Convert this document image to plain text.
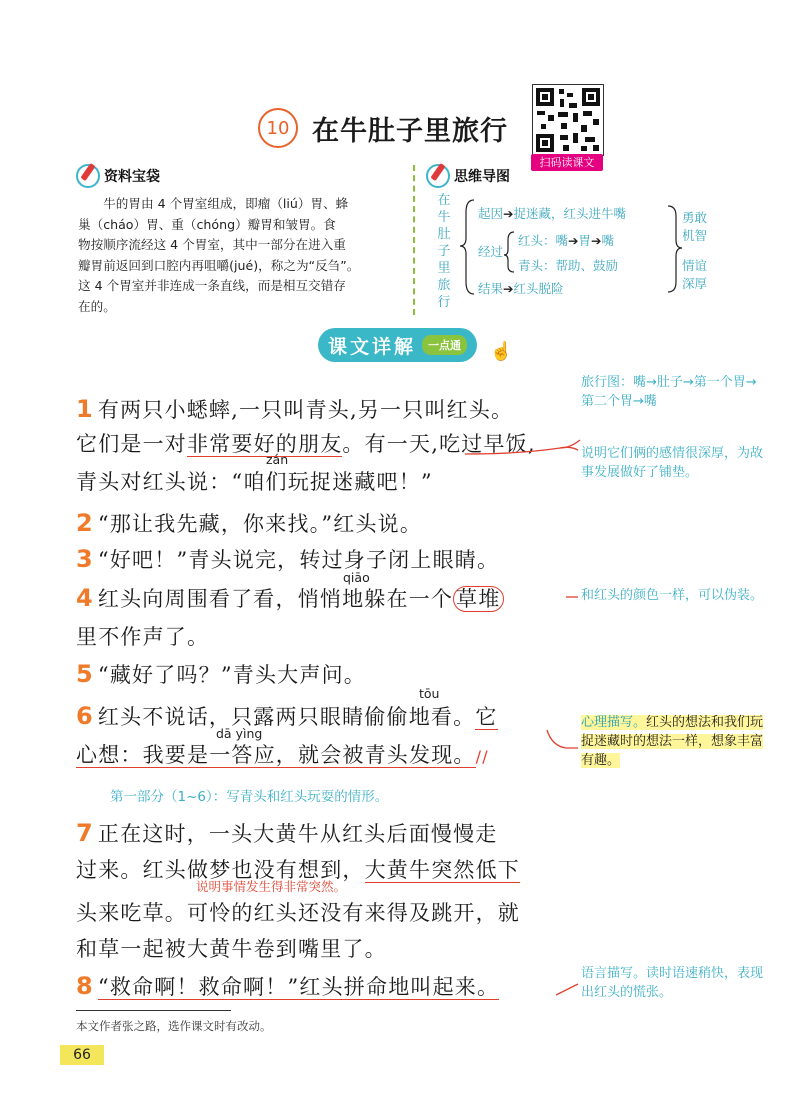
10 在牛肚子里旅行
扫码读课文
资料宝袋
牛的胃由 4 个胃室组成，即瘤（liú）胃、蜂
巢（cháo）胃、重（chóng）瓣胃和皱胃。食
物按顺序流经这 4 个胃室，其中一部分在进入重
瓣胃前返回到口腔内再咀嚼(jué)，称之为“反刍”。
这 4 个胃室并非连成一条直线，而是相互交错存
在的。
思维导图
在
牛
肚
子
里
旅
行
起因➔捉迷藏，红头进牛嘴
经过
红头：嘴➔胃➔嘴
青头：帮助、鼓励
结果➔红头脱险
勇敢
机智
情谊
深厚
课文详解	一点通	☝
1 有两只小蟋蟀,一只叫青头,另一只叫红头。
它们是一对非常要好的朋友。有一天,吃过早饭,
zán
青头对红头说：“咱们玩捉迷藏吧！”
2 “那让我先藏，你来找。”红头说。
3 “好吧！”青头说完，转过身子闭上眼睛。
qiāo
4 红头向周围看了看，悄悄地躲在一个 草堆
里不作声了。
5 “藏好了吗？”青头大声问。
tōu
6 红头不说话，只露两只眼睛偷偷地看。它
dā yìng
心想：我要是一答应，就会被青头发现。//
第一部分（1~6）：写青头和红头玩耍的情形。
7 正在这时，一头大黄牛从红头后面慢慢走
过来。红头做梦也没有想到，大黄牛突然低下
说明事情发生得非常突然。
头来吃草。可怜的红头还没有来得及跳开，就
和草一起被大黄牛卷到嘴里了。
8 “救命啊！救命啊！”红头拼命地叫起来。
旅行图：嘴→肚子→第一个胃→第二个胃→嘴
说明它们俩的感情很深厚，为故事发展做好了铺垫。
和红头的颜色一样，可以伪装。
心理描写。红头的想法和我们玩捉迷藏时的想法一样，想象丰富有趣。
语言描写。读时语速稍快，表现出红头的慌张。
本文作者张之路，选作课文时有改动。
66
